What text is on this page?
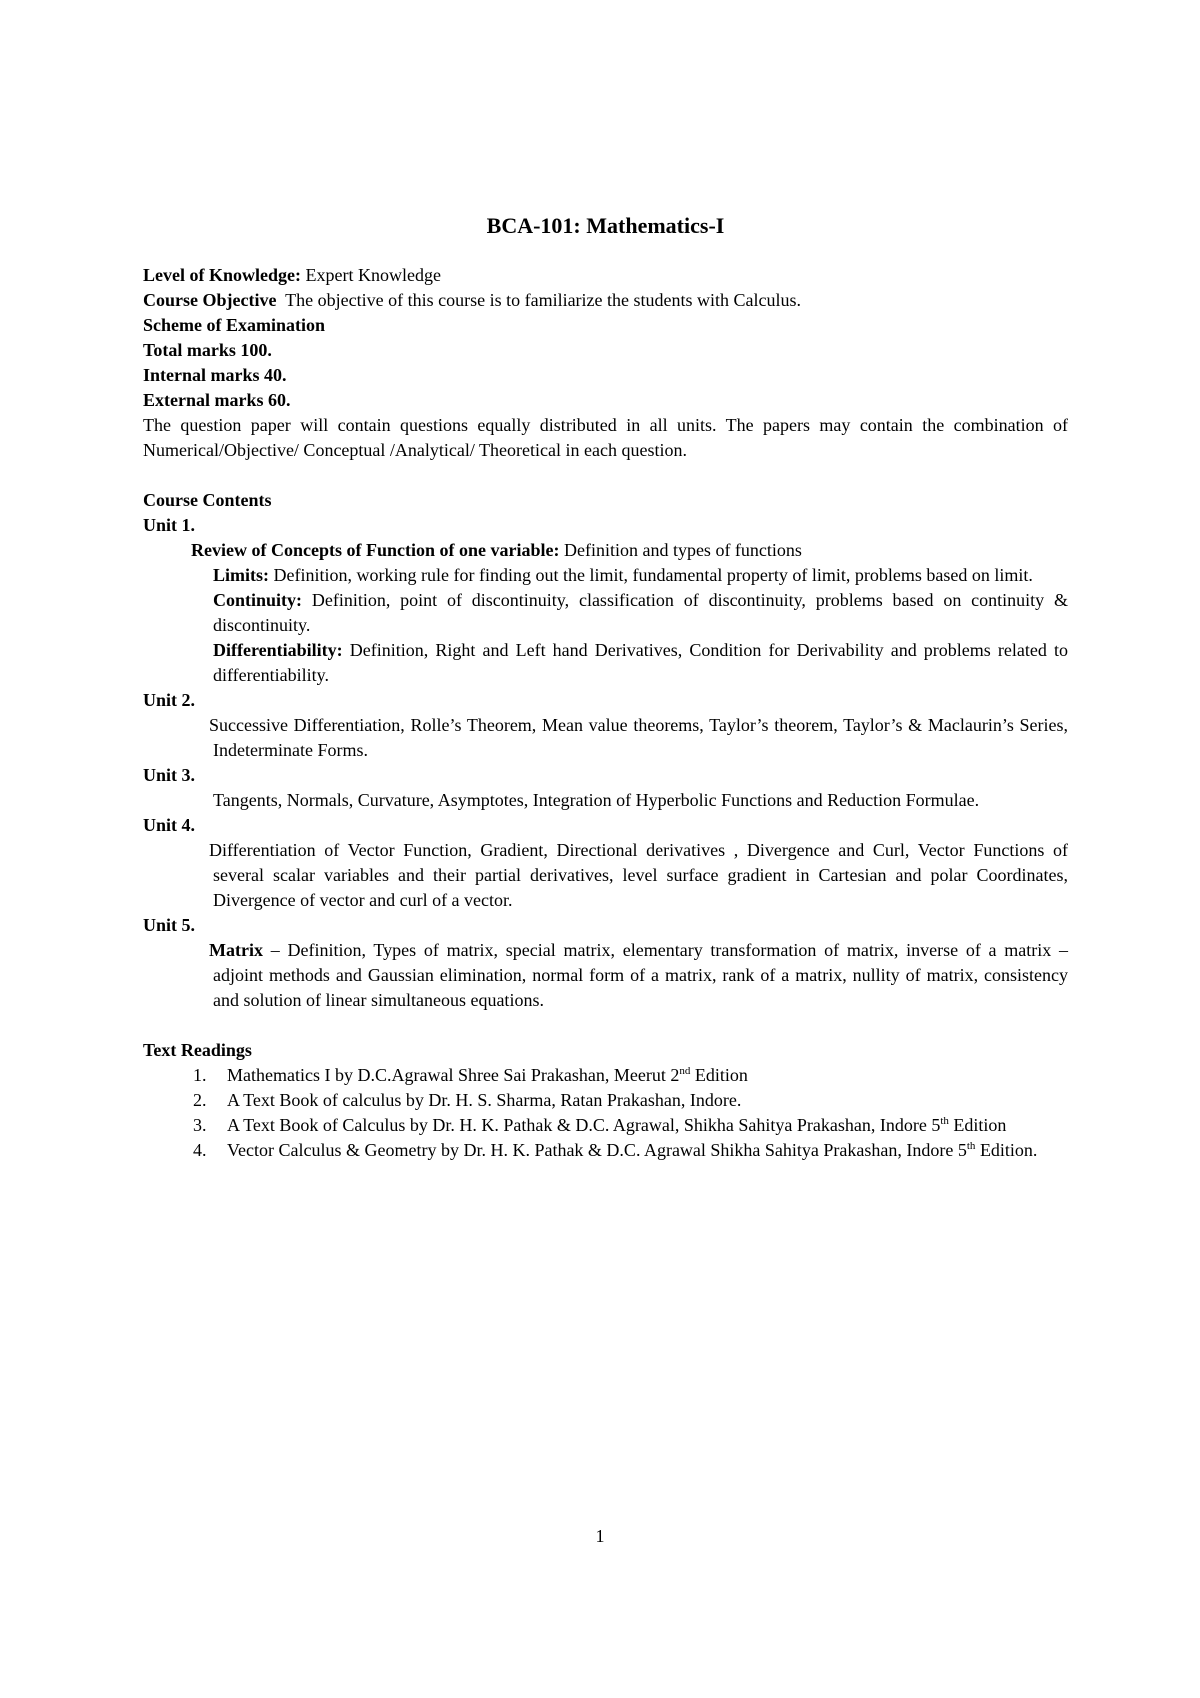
BCA-101: Mathematics-I

Level of Knowledge: Expert Knowledge

Course Objective  The objective of this course is to familiarize the students with Calculus.

Scheme of Examination

Total marks 100.

Internal marks 40.

External marks 60.

The question paper will contain questions equally distributed in all units. The papers may contain the combination of Numerical/Objective/ Conceptual /Analytical/ Theoretical in each question.

Course Contents

Unit 1.

Review of Concepts of Function of one variable: Definition and types of functions

Limits: Definition, working rule for finding out the limit, fundamental property of limit, problems based on limit.

Continuity: Definition, point of discontinuity, classification of discontinuity, problems based on continuity & discontinuity.

Differentiability: Definition, Right and Left hand Derivatives, Condition for Derivability and problems related to differentiability.

Unit 2.

Successive Differentiation, Rolle’s Theorem, Mean value theorems, Taylor’s theorem, Taylor’s & Maclaurin’s Series, Indeterminate Forms.

Unit 3.

Tangents, Normals, Curvature, Asymptotes, Integration of Hyperbolic Functions and Reduction Formulae.

Unit 4.

Differentiation of Vector Function, Gradient, Directional derivatives , Divergence and Curl, Vector Functions of several scalar variables and their partial derivatives, level surface gradient in Cartesian and polar Coordinates, Divergence of vector and curl of a vector.

Unit 5.

Matrix – Definition, Types of matrix, special matrix, elementary transformation of matrix, inverse of a matrix – adjoint methods and Gaussian elimination, normal form of a matrix, rank of a matrix, nullity of matrix, consistency and solution of linear simultaneous equations.

Text Readings

1.	Mathematics I by D.C.Agrawal Shree Sai Prakashan, Meerut 2nd Edition
2.	A Text Book of calculus by Dr. H. S. Sharma, Ratan Prakashan, Indore.
3.	A Text Book of Calculus by Dr. H. K. Pathak & D.C. Agrawal, Shikha Sahitya Prakashan, Indore 5th Edition
4.	Vector Calculus & Geometry by Dr. H. K. Pathak & D.C. Agrawal Shikha Sahitya Prakashan, Indore 5th Edition.
1
